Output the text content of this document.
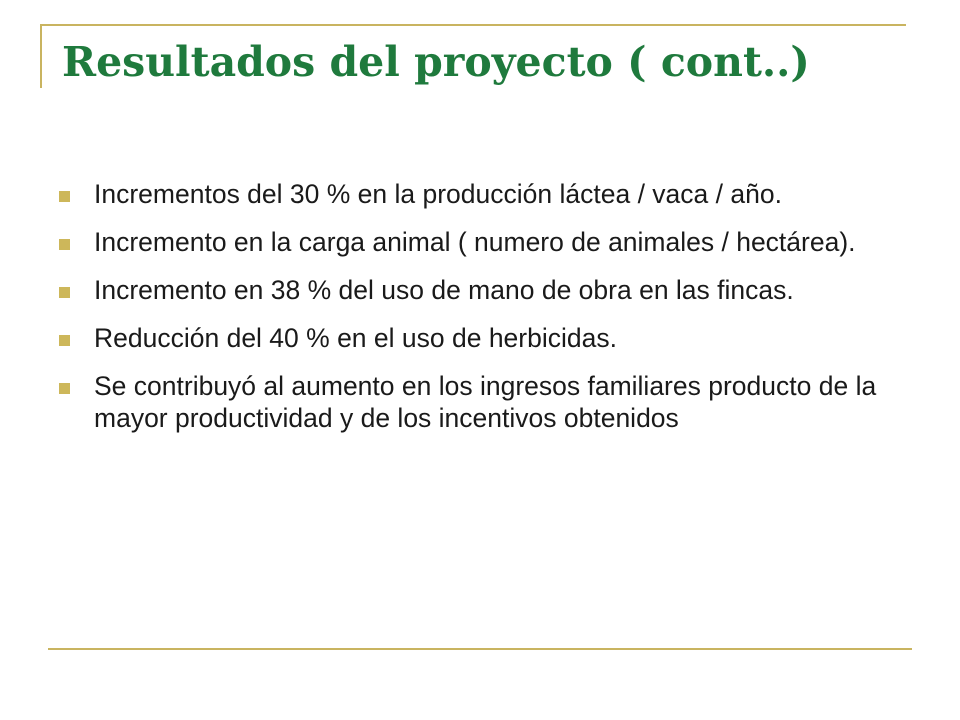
Resultados del proyecto ( cont..)
Incrementos del 30 % en la producción láctea / vaca / año.
Incremento en la carga animal ( numero de animales / hectárea).
Incremento en 38 % del uso de mano de obra en las fincas.
Reducción del 40 % en el uso de herbicidas.
Se contribuyó al aumento en los ingresos familiares producto de la mayor productividad y de los incentivos obtenidos
